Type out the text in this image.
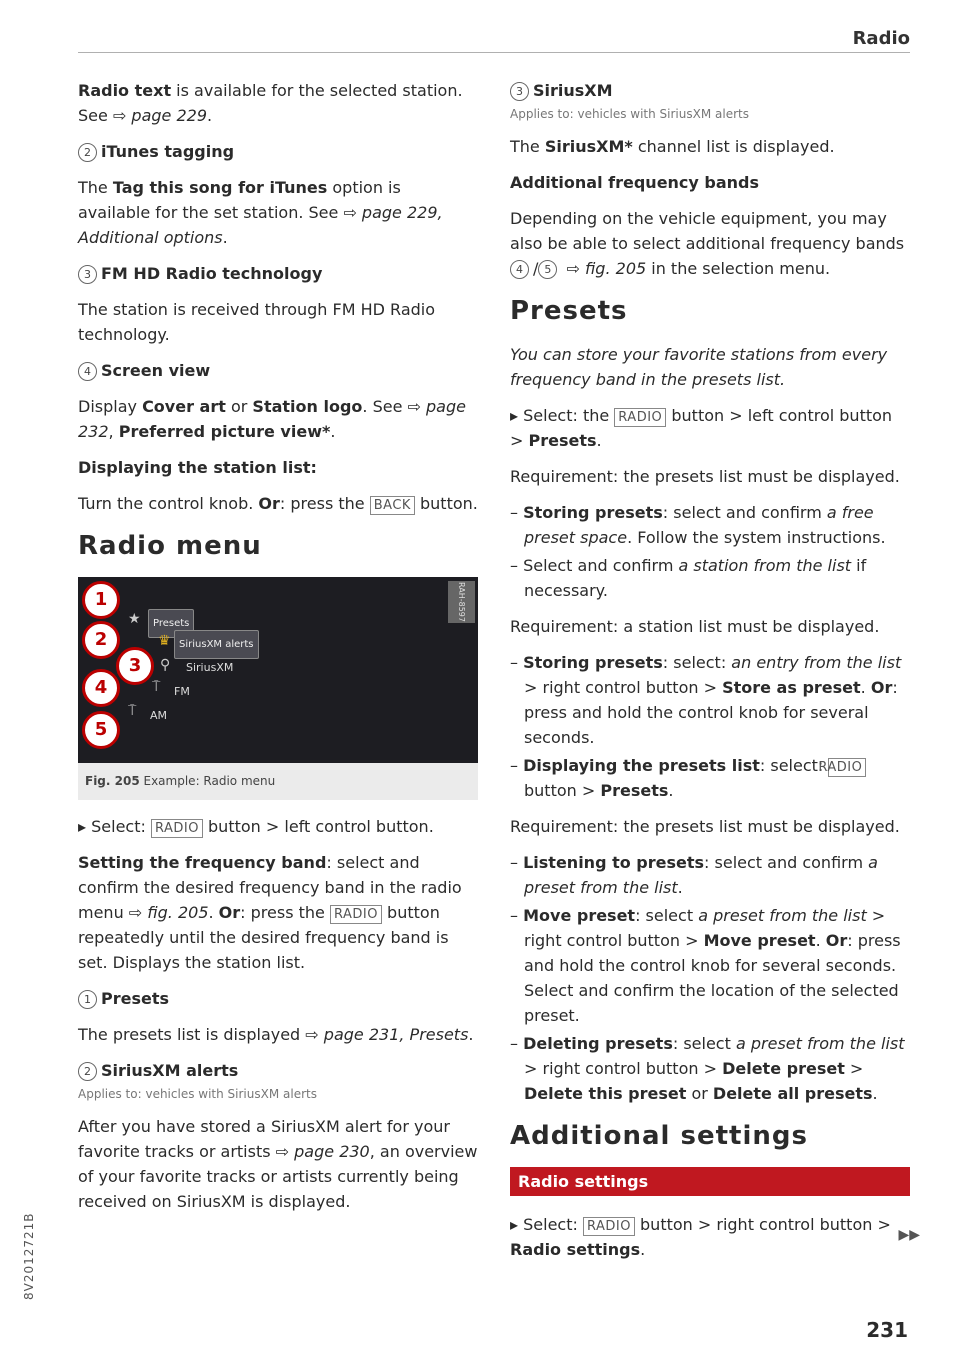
Radio

Radio text is available for the selected station. See ⇨ page 229.

2 iTunes tagging

The Tag this song for iTunes option is available for the set station. See ⇨ page 229, Additional options.

3 FM HD Radio technology

The station is received through FM HD Radio technology.

4 Screen view

Display Cover art or Station logo. See ⇨ page 232, Preferred picture view*.

Displaying the station list:

Turn the control knob. Or: press the BACK button.

Radio menu
RAH-8597
1
2
3
4
5
★	Presets
♛ SiriusXM alerts
⚲ SiriusXM
⍑ FM
⍑ AM
Fig. 205 Example: Radio menu

▸ Select: RADIO button > left control button.

Setting the frequency band: select and confirm the desired frequency band in the radio menu ⇨ fig. 205. Or: press the RADIO button repeatedly until the desired frequency band is set. Displays the station list.

1 Presets

The presets list is displayed ⇨ page 231, Presets.

2 SiriusXM alerts
Applies to: vehicles with SiriusXM alerts

After you have stored a SiriusXM alert for your favorite tracks or artists ⇨ page 230, an overview of your favorite tracks or artists currently being received on SiriusXM is displayed.

3 SiriusXM
Applies to: vehicles with SiriusXM alerts

The SiriusXM* channel list is displayed.

Additional frequency bands

Depending on the vehicle equipment, you may also be able to select additional frequency bands 4 / 5 ⇨ fig. 205 in the selection menu.

Presets

You can store your favorite stations from every frequency band in the presets list.

▸ Select: the RADIO button > left control button > Presets.

Requirement: the presets list must be displayed.

– Storing presets: select and confirm a free preset space. Follow the system instructions.

– Select and confirm a station from the list if necessary.

Requirement: a station list must be displayed.

– Storing presets: select: an entry from the list > right control button > Store as preset. Or: press and hold the control knob for several seconds.

– Displaying the presets list: select: RADIO button > Presets.

Requirement: the presets list must be displayed.

– Listening to presets: select and confirm a preset from the list.

– Move preset: select a preset from the list > right control button > Move preset. Or: press and hold the control knob for several seconds. Select and confirm the location of the selected preset.

– Deleting presets: select a preset from the list > right control button > Delete preset > Delete this preset or Delete all presets.

Additional settings
Radio settings

▸ Select: RADIO button > right control button > Radio settings.

▶▶
231
8V2012721B
